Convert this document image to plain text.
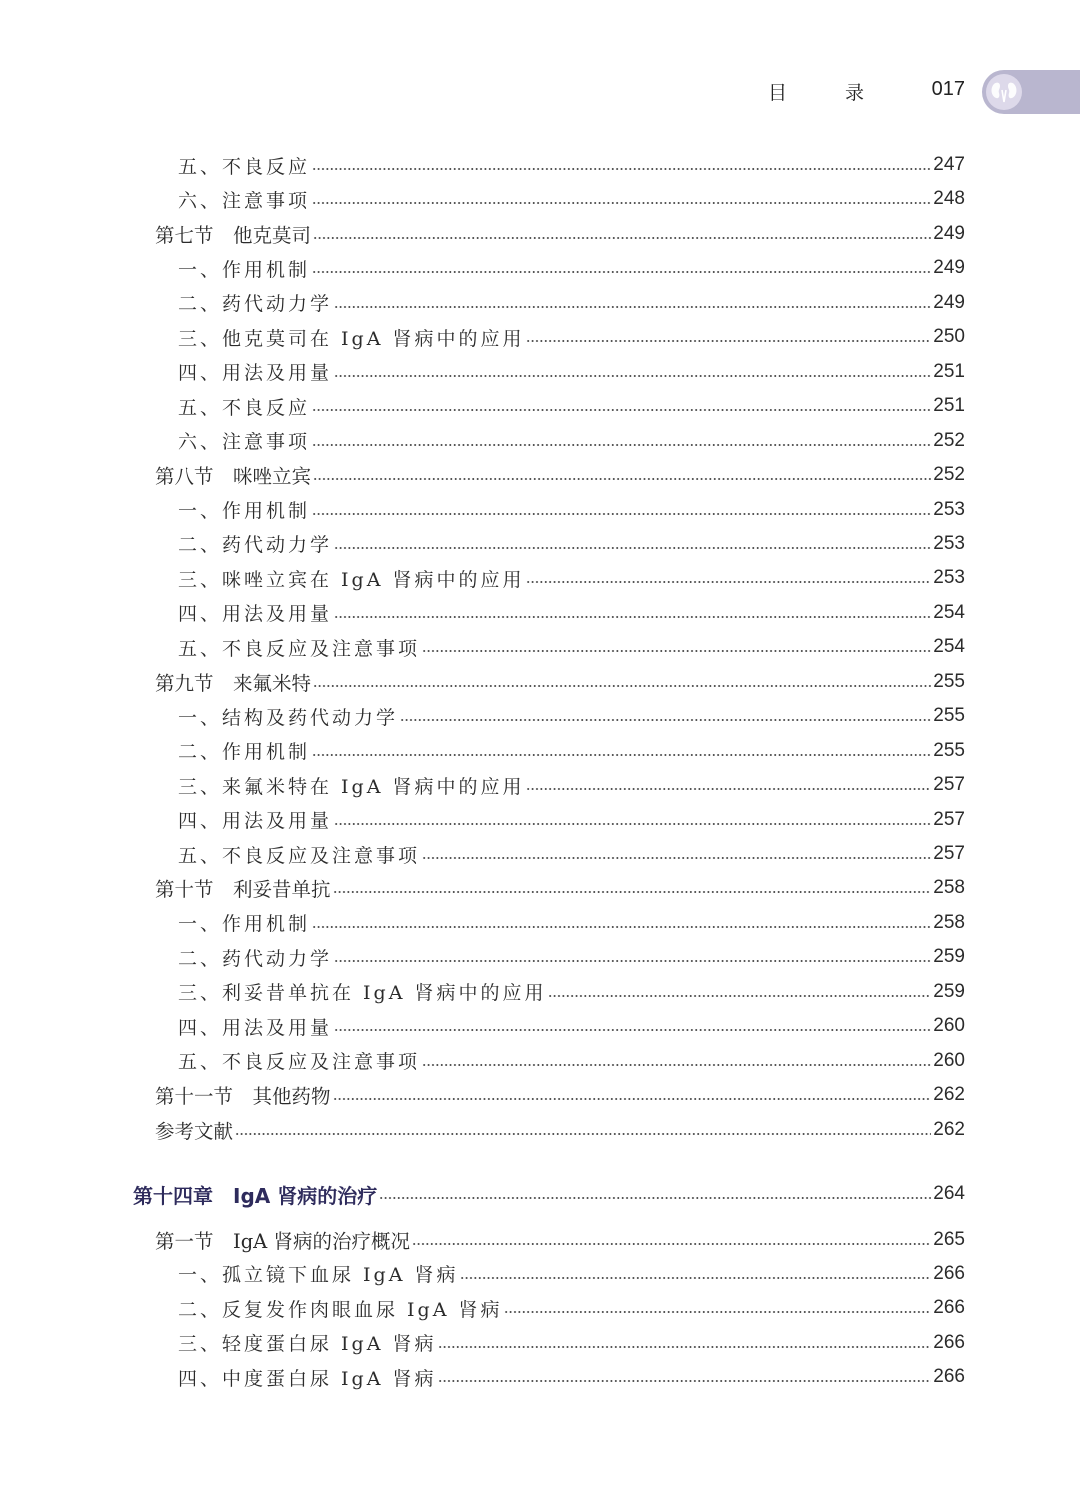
目 录 017
五、不良反应	247
六、注意事项	248
第七节　他克莫司	249
一、作用机制	249
二、药代动力学	249
三、他克莫司在 IgA 肾病中的应用	250
四、用法及用量	251
五、不良反应	251
六、注意事项	252
第八节　咪唑立宾	252
一、作用机制	253
二、药代动力学	253
三、咪唑立宾在 IgA 肾病中的应用	253
四、用法及用量	254
五、不良反应及注意事项	254
第九节　来氟米特	255
一、结构及药代动力学	255
二、作用机制	255
三、来氟米特在 IgA 肾病中的应用	257
四、用法及用量	257
五、不良反应及注意事项	257
第十节　利妥昔单抗	258
一、作用机制	258
二、药代动力学	259
三、利妥昔单抗在 IgA 肾病中的应用	259
四、用法及用量	260
五、不良反应及注意事项	260
第十一节　其他药物	262
参考文献	262
第十四章　IgA 肾病的治疗	264
第一节　IgA 肾病的治疗概况	265
一、孤立镜下血尿 IgA 肾病	266
二、反复发作肉眼血尿 IgA 肾病	266
三、轻度蛋白尿 IgA 肾病	266
四、中度蛋白尿 IgA 肾病	266
